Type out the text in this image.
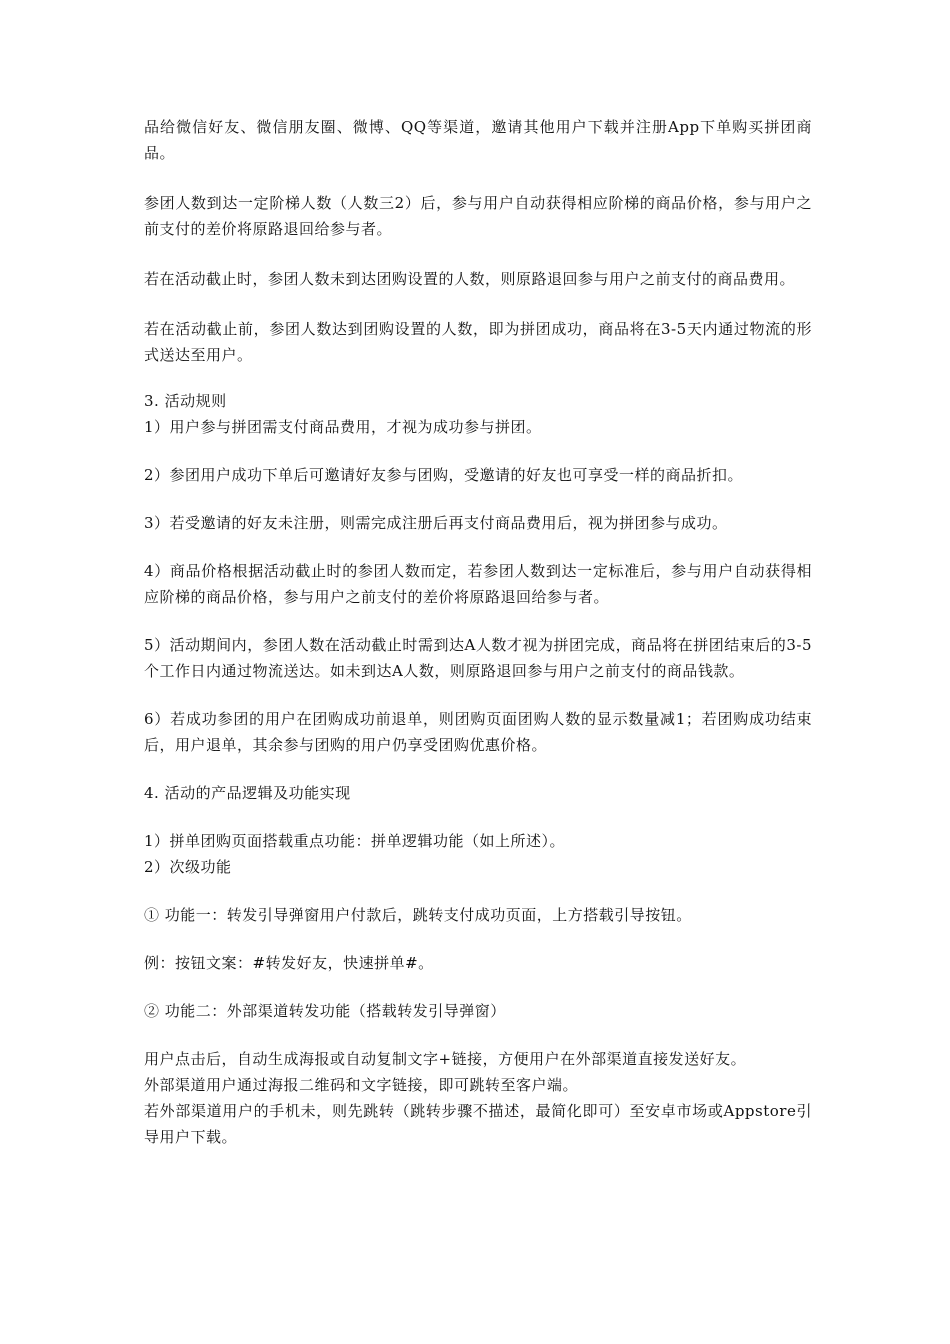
品给微信好友、微信朋友圈、微博、QQ等渠道，邀请其他用户下载并注册App下单购买拼团商品。

参团人数到达一定阶梯人数（人数三2）后，参与用户自动获得相应阶梯的商品价格，参与用户之前支付的差价将原路退回给参与者。

若在活动截止时，参团人数未到达团购设置的人数，则原路退回参与用户之前支付的商品费用。

若在活动截止前，参团人数达到团购设置的人数，即为拼团成功，商品将在3-5天内通过物流的形式送达至用户。

3. 活动规则

1）用户参与拼团需支付商品费用，才视为成功参与拼团。

2）参团用户成功下单后可邀请好友参与团购，受邀请的好友也可享受一样的商品折扣。

3）若受邀请的好友未注册，则需完成注册后再支付商品费用后，视为拼团参与成功。

4）商品价格根据活动截止时的参团人数而定，若参团人数到达一定标准后，参与用户自动获得相应阶梯的商品价格，参与用户之前支付的差价将原路退回给参与者。

5）活动期间内，参团人数在活动截止时需到达A人数才视为拼团完成，商品将在拼团结束后的3-5个工作日内通过物流送达。如未到达A人数，则原路退回参与用户之前支付的商品钱款。

6）若成功参团的用户在团购成功前退单，则团购页面团购人数的显示数量减1；若团购成功结束后，用户退单，其余参与团购的用户仍享受团购优惠价格。

4. 活动的产品逻辑及功能实现

1）拼单团购页面搭载重点功能：拼单逻辑功能（如上所述）。

2）次级功能

① 功能一：转发引导弹窗用户付款后，跳转支付成功页面，上方搭载引导按钮。

例：按钮文案：#转发好友，快速拼单#。

② 功能二：外部渠道转发功能（搭载转发引导弹窗）

用户点击后，自动生成海报或自动复制文字+链接，方便用户在外部渠道直接发送好友。

外部渠道用户通过海报二维码和文字链接，即可跳转至客户端。

若外部渠道用户的手机未，则先跳转（跳转步骤不描述，最简化即可）至安卓市场或Appstore引导用户下载。
